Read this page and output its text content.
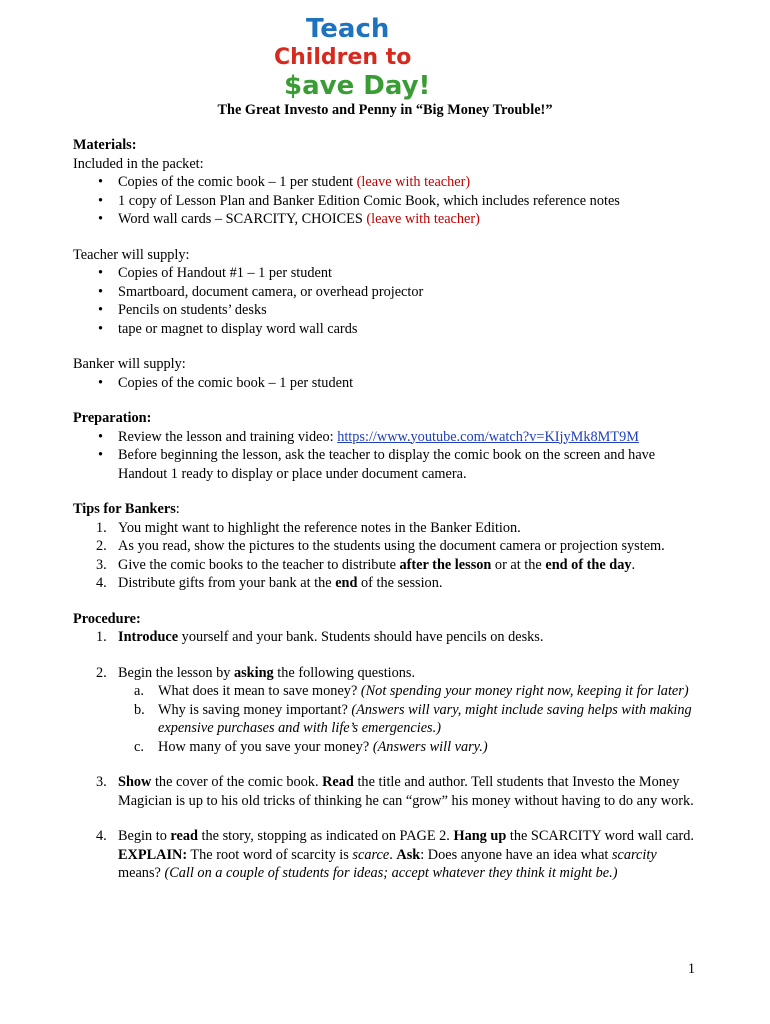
Teach
Children to
$ave Day!
The Great Investo and Penny in “Big Money Trouble!”

Materials:

Included in the packet:

• Copies of the comic book – 1 per student (leave with teacher)
• 1 copy of Lesson Plan and Banker Edition Comic Book, which includes reference notes
• Word wall cards – SCARCITY, CHOICES (leave with teacher)

Teacher will supply:

• Copies of Handout #1 – 1 per student
• Smartboard, document camera, or overhead projector
• Pencils on students’ desks
• tape or magnet to display word wall cards

Banker will supply:

• Copies of the comic book – 1 per student

Preparation:

• Review the lesson and training video: https://www.youtube.com/watch?v=KIjyMk8MT9M
• Before beginning the lesson, ask the teacher to display the comic book on the screen and have Handout 1 ready to display or place under document camera.

Tips for Bankers:

1. You might want to highlight the reference notes in the Banker Edition.
2. As you read, show the pictures to the students using the document camera or projection system.
3. Give the comic books to the teacher to distribute after the lesson or at the end of the day.
4. Distribute gifts from your bank at the end of the session.

Procedure:

1. Introduce yourself and your bank. Students should have pencils on desks.
2. Begin the lesson by asking the following questions.
a. What does it mean to save money? (Not spending your money right now, keeping it for later)
b. Why is saving money important? (Answers will vary, might include saving helps with making expensive purchases and with life’s emergencies.)
c. How many of you save your money? (Answers will vary.)
3. Show the cover of the comic book. Read the title and author. Tell students that Investo the Money Magician is up to his old tricks of thinking he can “grow” his money without having to do any work.
4. Begin to read the story, stopping as indicated on PAGE 2. Hang up the SCARCITY word wall card. EXPLAIN: The root word of scarcity is scarce. Ask: Does anyone have an idea what scarcity means? (Call on a couple of students for ideas; accept whatever they think it might be.)
1
